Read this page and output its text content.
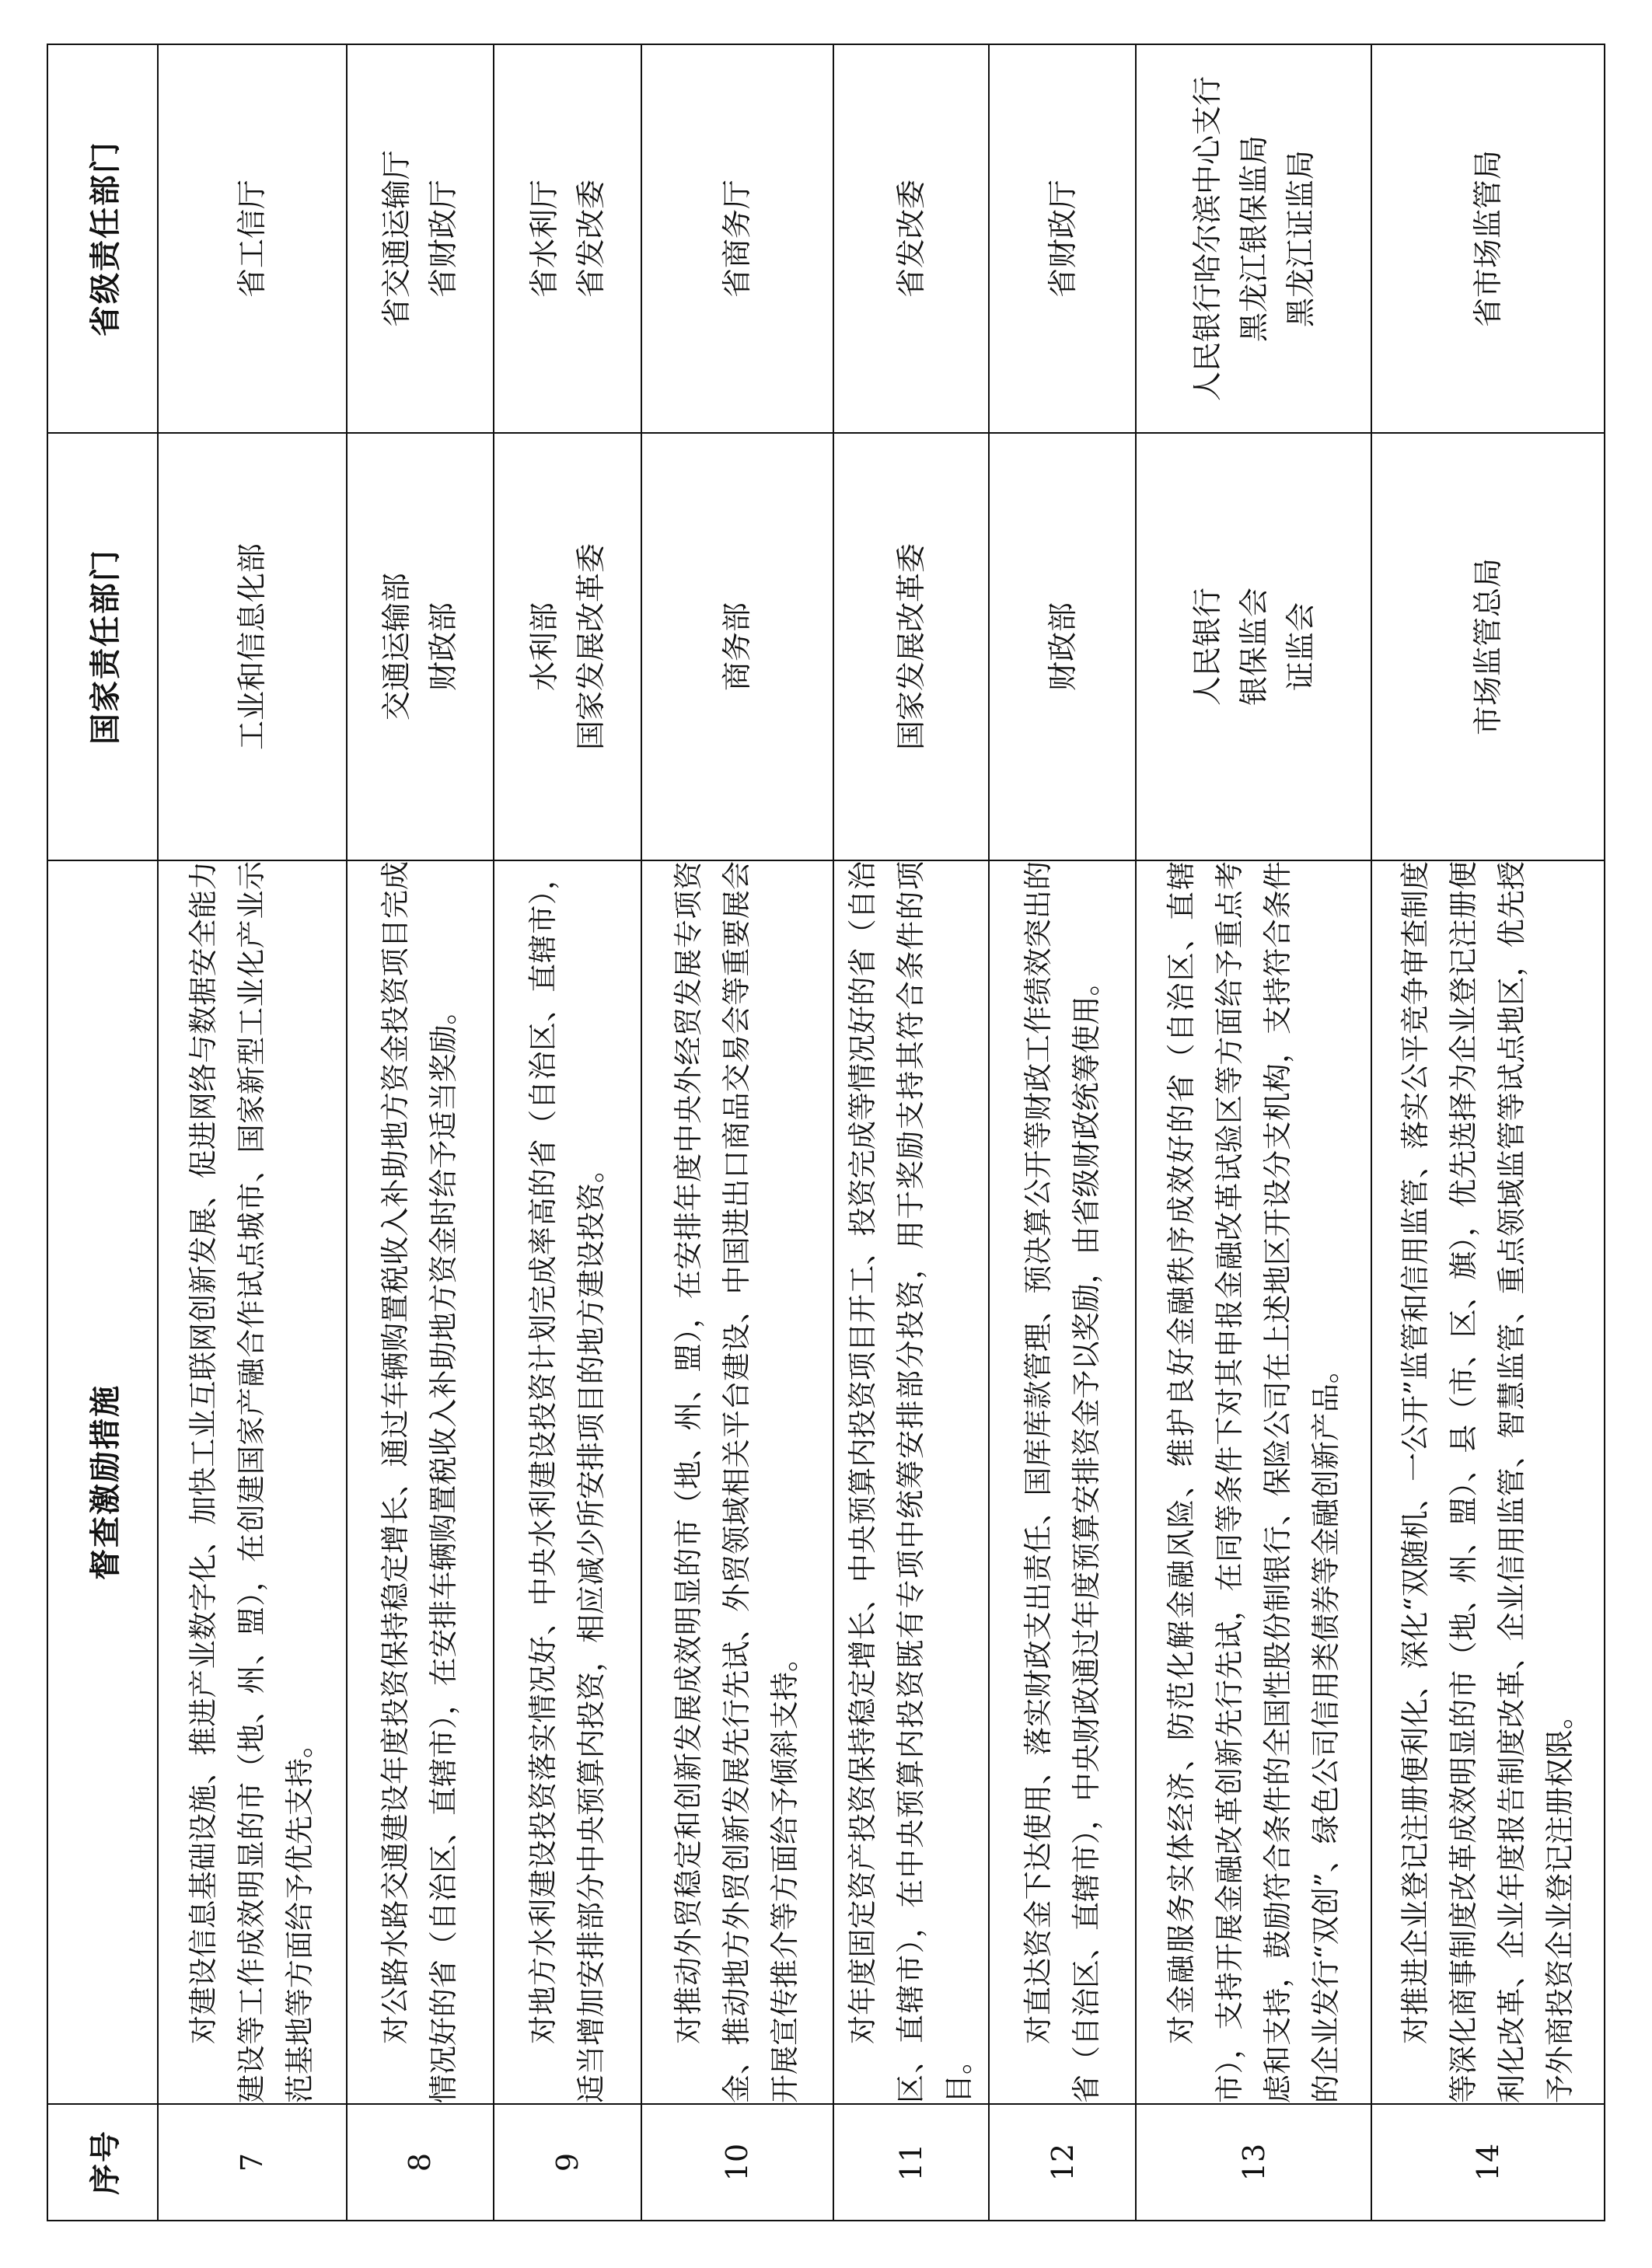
序号	督查激励措施	国家责任部门	省级责任部门
7	对建设信息基础设施、推进产业数字化、加快工业互联网创新发展、促进网络与数据安全能力建设等工作成效明显的市（地、州、盟），在创建国家产融合作试点城市、国家新型工业化产业示范基地等方面给予优先支持。	工业和信息化部	省工信厅

8	对公路水路交通建设年度投资保持稳定增长、通过车辆购置税收入补助地方资金投资项目完成情况好的省（自治区、直辖市），在安排车辆购置税收入补助地方资金时给予适当奖励。	交通运输部 财政部	省交通运输厅 省财政厅

9	对地方水利建设投资落实情况好、中央水利建设投资计划完成率高的省（自治区、直辖市），适当增加安排部分中央预算内投资，相应减少所安排项目的地方建设投资。	水利部 国家发展改革委	省水利厅 省发改委

10	对推动外贸稳定和创新发展成效明显的市（地、州、盟），在安排年度中央外经贸发展专项资金、推动地方外贸创新发展先行先试、外贸领域相关平台建设、中国进出口商品交易会等重要展会开展宣传推介等方面给予倾斜支持。	商务部	省商务厅

11	对年度固定资产投资保持稳定增长、中央预算内投资项目开工、投资完成等情况好的省（自治区、直辖市），在中央预算内投资既有专项中统筹安排部分投资，用于奖励支持其符合条件的项目。	国家发展改革委	省发改委

12	对直达资金下达使用、落实财政支出责任、国库库款管理、预决算公开等财政工作绩效突出的省（自治区、直辖市），中央财政通过年度预算安排资金予以奖励，由省级财政统筹使用。	财政部	省财政厅

13	对金融服务实体经济、防范化解金融风险、维护良好金融秩序成效好的省（自治区、直辖市），支持开展金融改革创新先行先试，在同等条件下对其申报金融改革试验区等方面给予重点考虑和支持，鼓励符合条件的全国性股份制银行、保险公司在上述地区开设分支机构，支持符合条件的企业发行“双创”、绿色公司信用类债券等金融创新产品。	人民银行 银保监会 证监会	人民银行哈尔滨中心支行 黑龙江银保监局 黑龙江证监局

14	对推进企业登记注册便利化、深化“双随机、一公开”监管和信用监管、落实公平竞争审查制度等深化商事制度改革成效明显的市（地、州、盟）、县（市、区、旗），优先选择为企业登记注册便利化改革、企业年度报告制度改革、企业信用监管、智慧监管、重点领域监管等试点地区，优先授予外商投资企业登记注册权限。	市场监管总局	省市场监管局
